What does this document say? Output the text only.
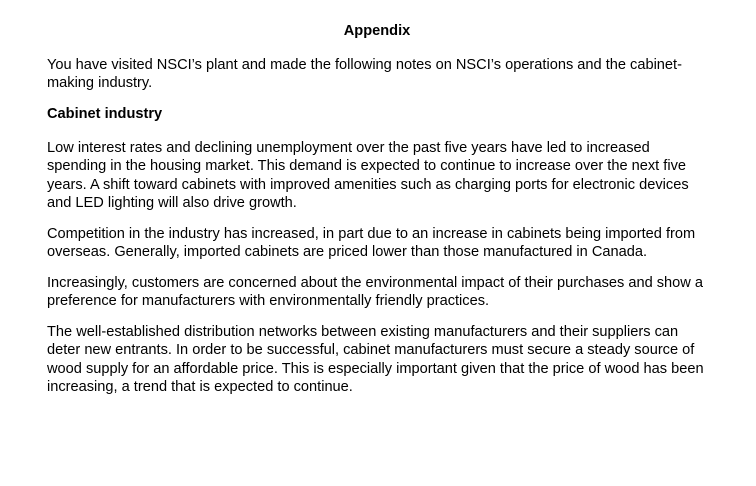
Appendix

You have visited NSCI’s plant and made the following notes on NSCI’s operations and the cabinet-making industry.

Cabinet industry

Low interest rates and declining unemployment over the past five years have led to increased spending in the housing market. This demand is expected to continue to increase over the next five years. A shift toward cabinets with improved amenities such as charging ports for electronic devices and LED lighting will also drive growth.

Competition in the industry has increased, in part due to an increase in cabinets being imported from overseas. Generally, imported cabinets are priced lower than those manufactured in Canada.

Increasingly, customers are concerned about the environmental impact of their purchases and show a preference for manufacturers with environmentally friendly practices.

The well-established distribution networks between existing manufacturers and their suppliers can deter new entrants. In order to be successful, cabinet manufacturers must secure a steady source of wood supply for an affordable price. This is especially important given that the price of wood has been increasing, a trend that is expected to continue.
